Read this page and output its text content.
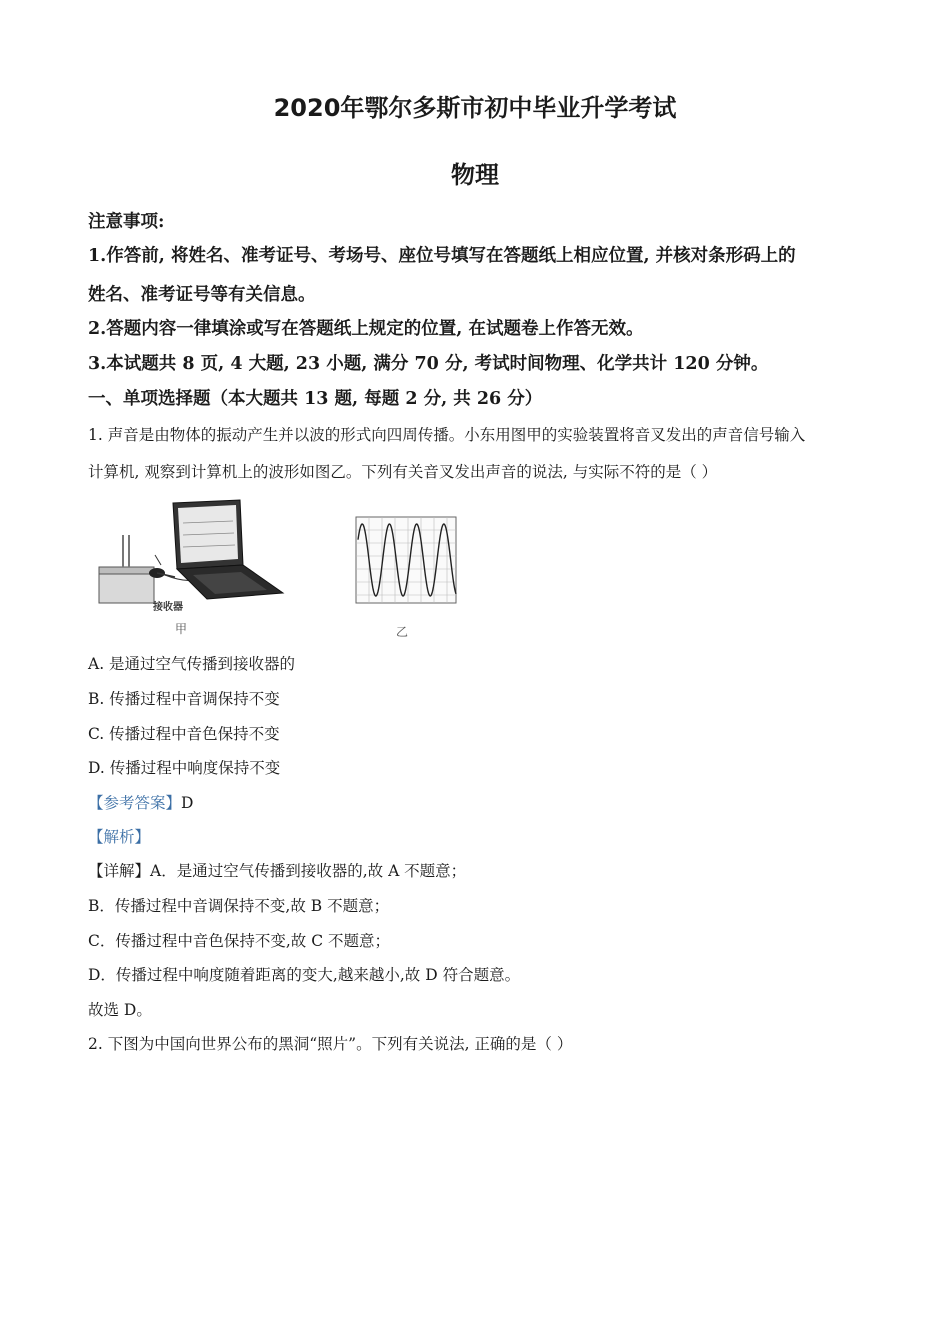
2020年鄂尔多斯市初中毕业升学考试
物理
注意事项:
1.作答前, 将姓名、准考证号、考场号、座位号填写在答题纸上相应位置, 并核对条形码上的
姓名、准考证号等有关信息。
2.答题内容一律填涂或写在答题纸上规定的位置, 在试题卷上作答无效。
3.本试题共 8 页, 4 大题, 23 小题, 满分 70 分, 考试时间物理、化学共计 120 分钟。
一、单项选择题（本大题共 13 题, 每题 2 分, 共 26 分）
1. 声音是由物体的振动产生并以波的形式向四周传播。小东用图甲的实验装置将音叉发出的声音信号输入
计算机, 观察到计算机上的波形如图乙。下列有关音叉发出声音的说法, 与实际不符的是（ ）
接收器
甲	乙
A. 是通过空气传播到接收器的
B. 传播过程中音调保持不变
C. 传播过程中音色保持不变
D. 传播过程中响度保持不变
【参考答案】D
【解析】
【详解】A．是通过空气传播到接收器的,故 A 不题意；
B．传播过程中音调保持不变,故 B 不题意；
C．传播过程中音色保持不变,故 C 不题意；
D．传播过程中响度随着距离的变大,越来越小,故 D 符合题意。
故选 D。
2. 下图为中国向世界公布的黑洞“照片”。下列有关说法, 正确的是（ ）
